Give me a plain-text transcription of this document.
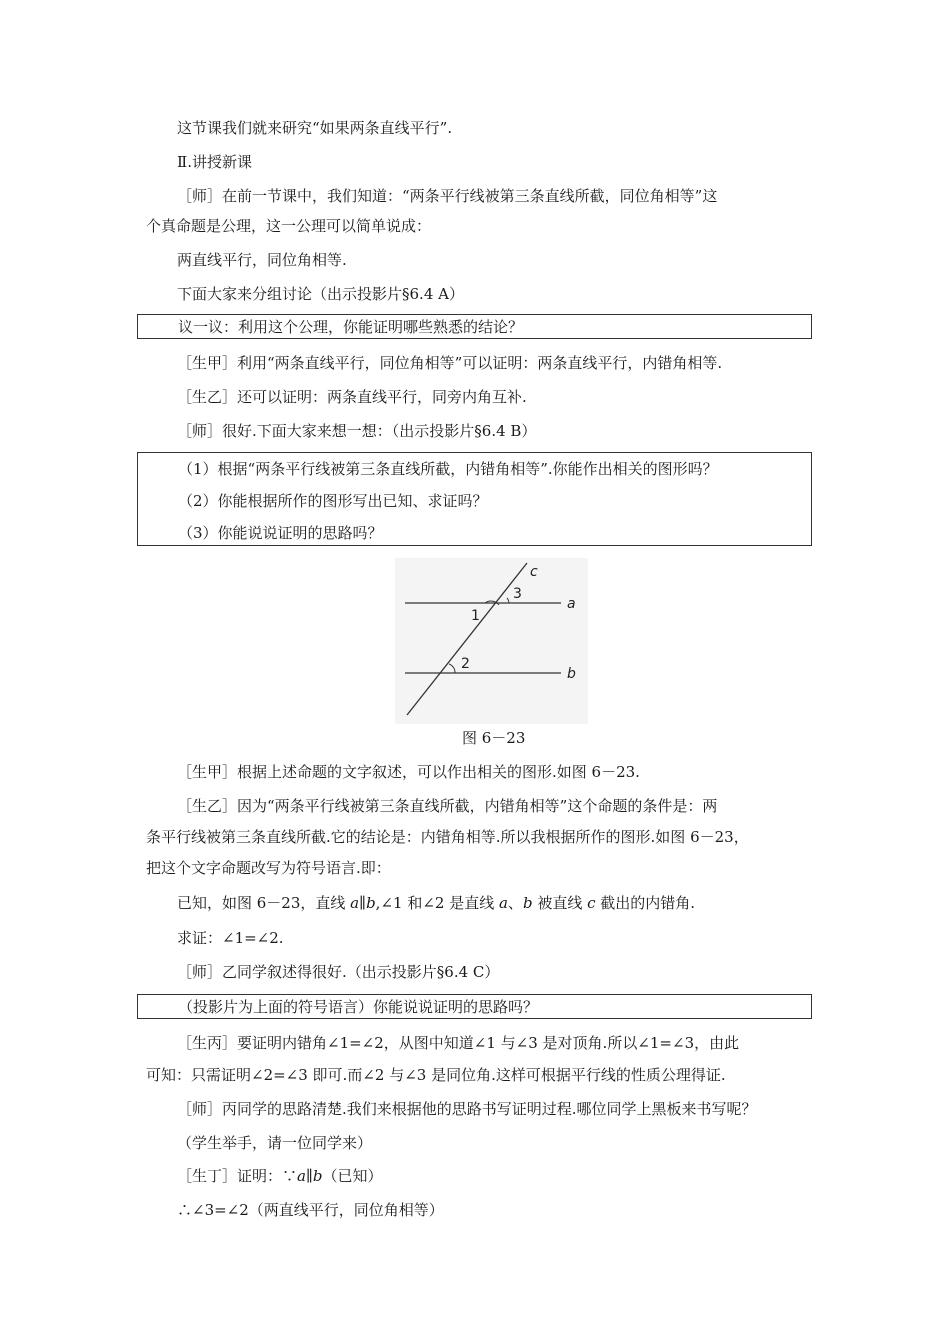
这节课我们就来研究“如果两条直线平行”.
Ⅱ.讲授新课
［师］在前一节课中，我们知道：“两条平行线被第三条直线所截，同位角相等”这
个真命题是公理，这一公理可以简单说成：
两直线平行，同位角相等.
下面大家来分组讨论（出示投影片§6.4 A）
议一议：利用这个公理，你能证明哪些熟悉的结论？
［生甲］利用“两条直线平行，同位角相等”可以证明：两条直线平行，内错角相等.
［生乙］还可以证明：两条直线平行，同旁内角互补.
［师］很好.下面大家来想一想：（出示投影片§6.4 B）
（1）根据“两条平行线被第三条直线所截，内错角相等”.你能作出相关的图形吗？
（2）你能根据所作的图形写出已知、求证吗？
（3）你能说说证明的思路吗？
c
3
a
1
2
b
图 6－23
［生甲］根据上述命题的文字叙述，可以作出相关的图形.如图 6－23.
［生乙］因为“两条平行线被第三条直线所截，内错角相等”这个命题的条件是：两
条平行线被第三条直线所截.它的结论是：内错角相等.所以我根据所作的图形.如图 6－23，
把这个文字命题改写为符号语言.即：
已知，如图 6－23，直线 a∥b,∠1 和∠2 是直线 a、b 被直线 c 截出的内错角.
求证：∠1=∠2.
［师］乙同学叙述得很好.（出示投影片§6.4 C）
（投影片为上面的符号语言）你能说说证明的思路吗？
［生丙］要证明内错角∠1=∠2，从图中知道∠1 与∠3 是对顶角.所以∠1=∠3，由此
可知：只需证明∠2=∠3 即可.而∠2 与∠3 是同位角.这样可根据平行线的性质公理得证.
［师］丙同学的思路清楚.我们来根据他的思路书写证明过程.哪位同学上黑板来书写呢？
（学生举手，请一位同学来）
［生丁］证明：∵a∥b（已知）
∴∠3=∠2（两直线平行，同位角相等）
